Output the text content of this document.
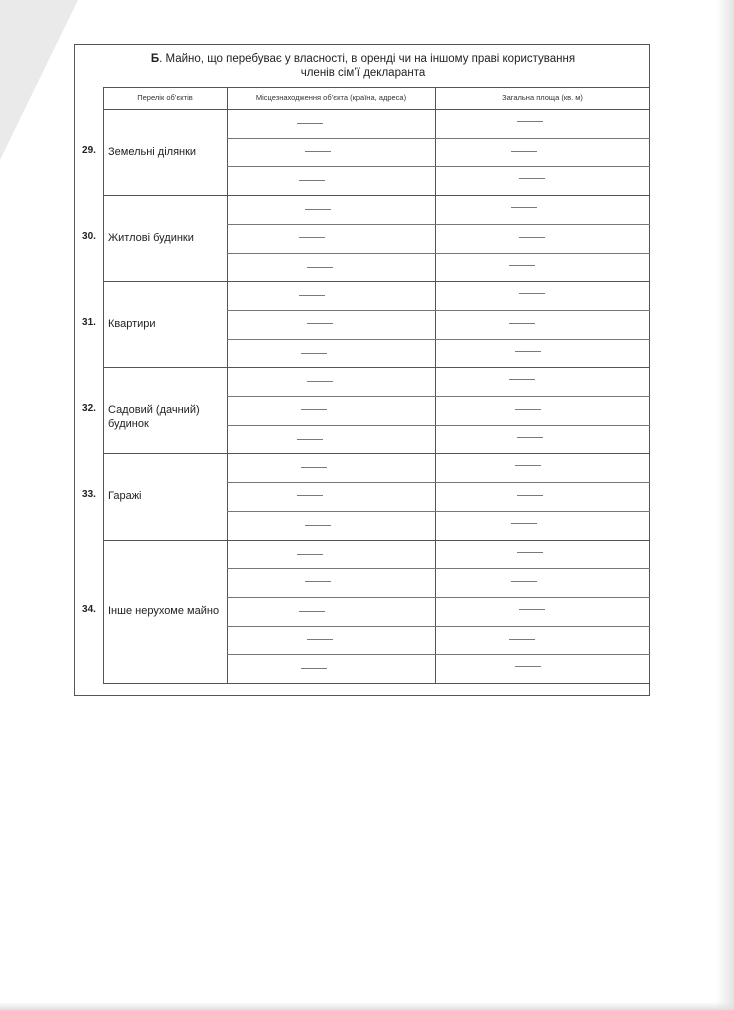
Б. Майно, що перебуває у власності, в оренді чи на іншому праві користування
членів сім’ї декларанта
Перелік об’єктів	Місцезнаходження об’єкта (країна, адреса)	Загальна площа (кв. м)
29.	Земельні ділянки
30.	Житлові будинки
31.	Квартири
32.	Садовий (дачний) будинок
33.	Гаражі
34.	Інше нерухоме майно
